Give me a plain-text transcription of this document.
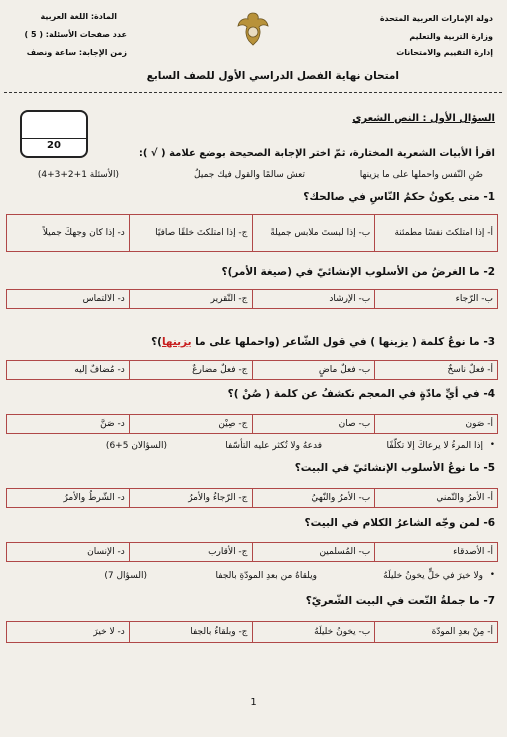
دولة الإمارات العربية المتحدة
وزارة التربية والتعليم
إدارة التقييم والامتحانات
المادة: اللغة العربية
عدد صفحات الأسئلة: ( 5 )
زمن الإجابة: ساعة ونصف
امتحان نهاية الفصل الدراسي الأول للصف السابع
السؤال الأول : النص الشعري
20
اقرأ الأبيات الشعرية المختارة، ثمّ اختر الإجابة الصحيحة بوضع علامة ( √ ):
صُنِ النّفس واحملها على ما يزينها
تعش سالمًا والقول فيك جميلُ
(الأسئلة 1+2+3+4)
1- متى يكونُ حكمُ النّاسِ في صالحك؟
أ- إذا امتلكتَ نفسًا مطمئنة
ب- إذا لبستَ ملابس جميلةً
ج- إذا امتلكتَ خلقًا صافيًا
د- إذا كان وجهكَ جميلاً
2- ما الغرضُ من الأسلوب الإنشائيّ في (صيغة الأمر)؟
ب- الرّجاء
ب- الإرشاد
ج- التّقرير
د- الالتماس
3- ما نوعُ كلمة ( يزينها ) في قول الشّاعر (واحملها على ما يزينها)؟
أ- فعلٌ ناسخٌ
ب- فعلٌ ماضٍ
ج- فعلٌ مضارعٌ
د- مُضافٌ إليه
4- في أيِّ مادّةٍ في المعجم نكشفُ عن كلمة ( صُنْ )؟
أ- صَون
ب- صان
ج- صِيْن
د- صَنَّ
•
إذا المرءُ لا يرعاكَ إلا تكلّفًا
فدعهُ ولا تُكثر عليه التأسّفا
(السؤالان 5+6)
5- ما نوعُ الأسلوب الإنشائيّ في البيت؟
أ- الأمرُ والتّمني
ب- الأمرُ والنّهيُ
ج- الرّجاءُ والأمرُ
د- الشّرطُ والأمرُ
6- لمن وجّه الشاعرُ الكلام في البيت؟
أ- الأصدقاء
ب- المُسلمين
ج- الأقارب
د- الإنسان
•
ولا خيرَ في خلٍّ يخونُ خليلَهُ
ويلقاهُ من بعدِ المودّةِ بالجفا
(السؤال 7)
7- ما جملةُ النّعت في البيت الشّعريّ؟
أ- مِنْ بعدِ المودّة
ب- يخونُ خليلَهُ
ج- وبلقاءُ بالجفا
د- لا خيرَ
1
